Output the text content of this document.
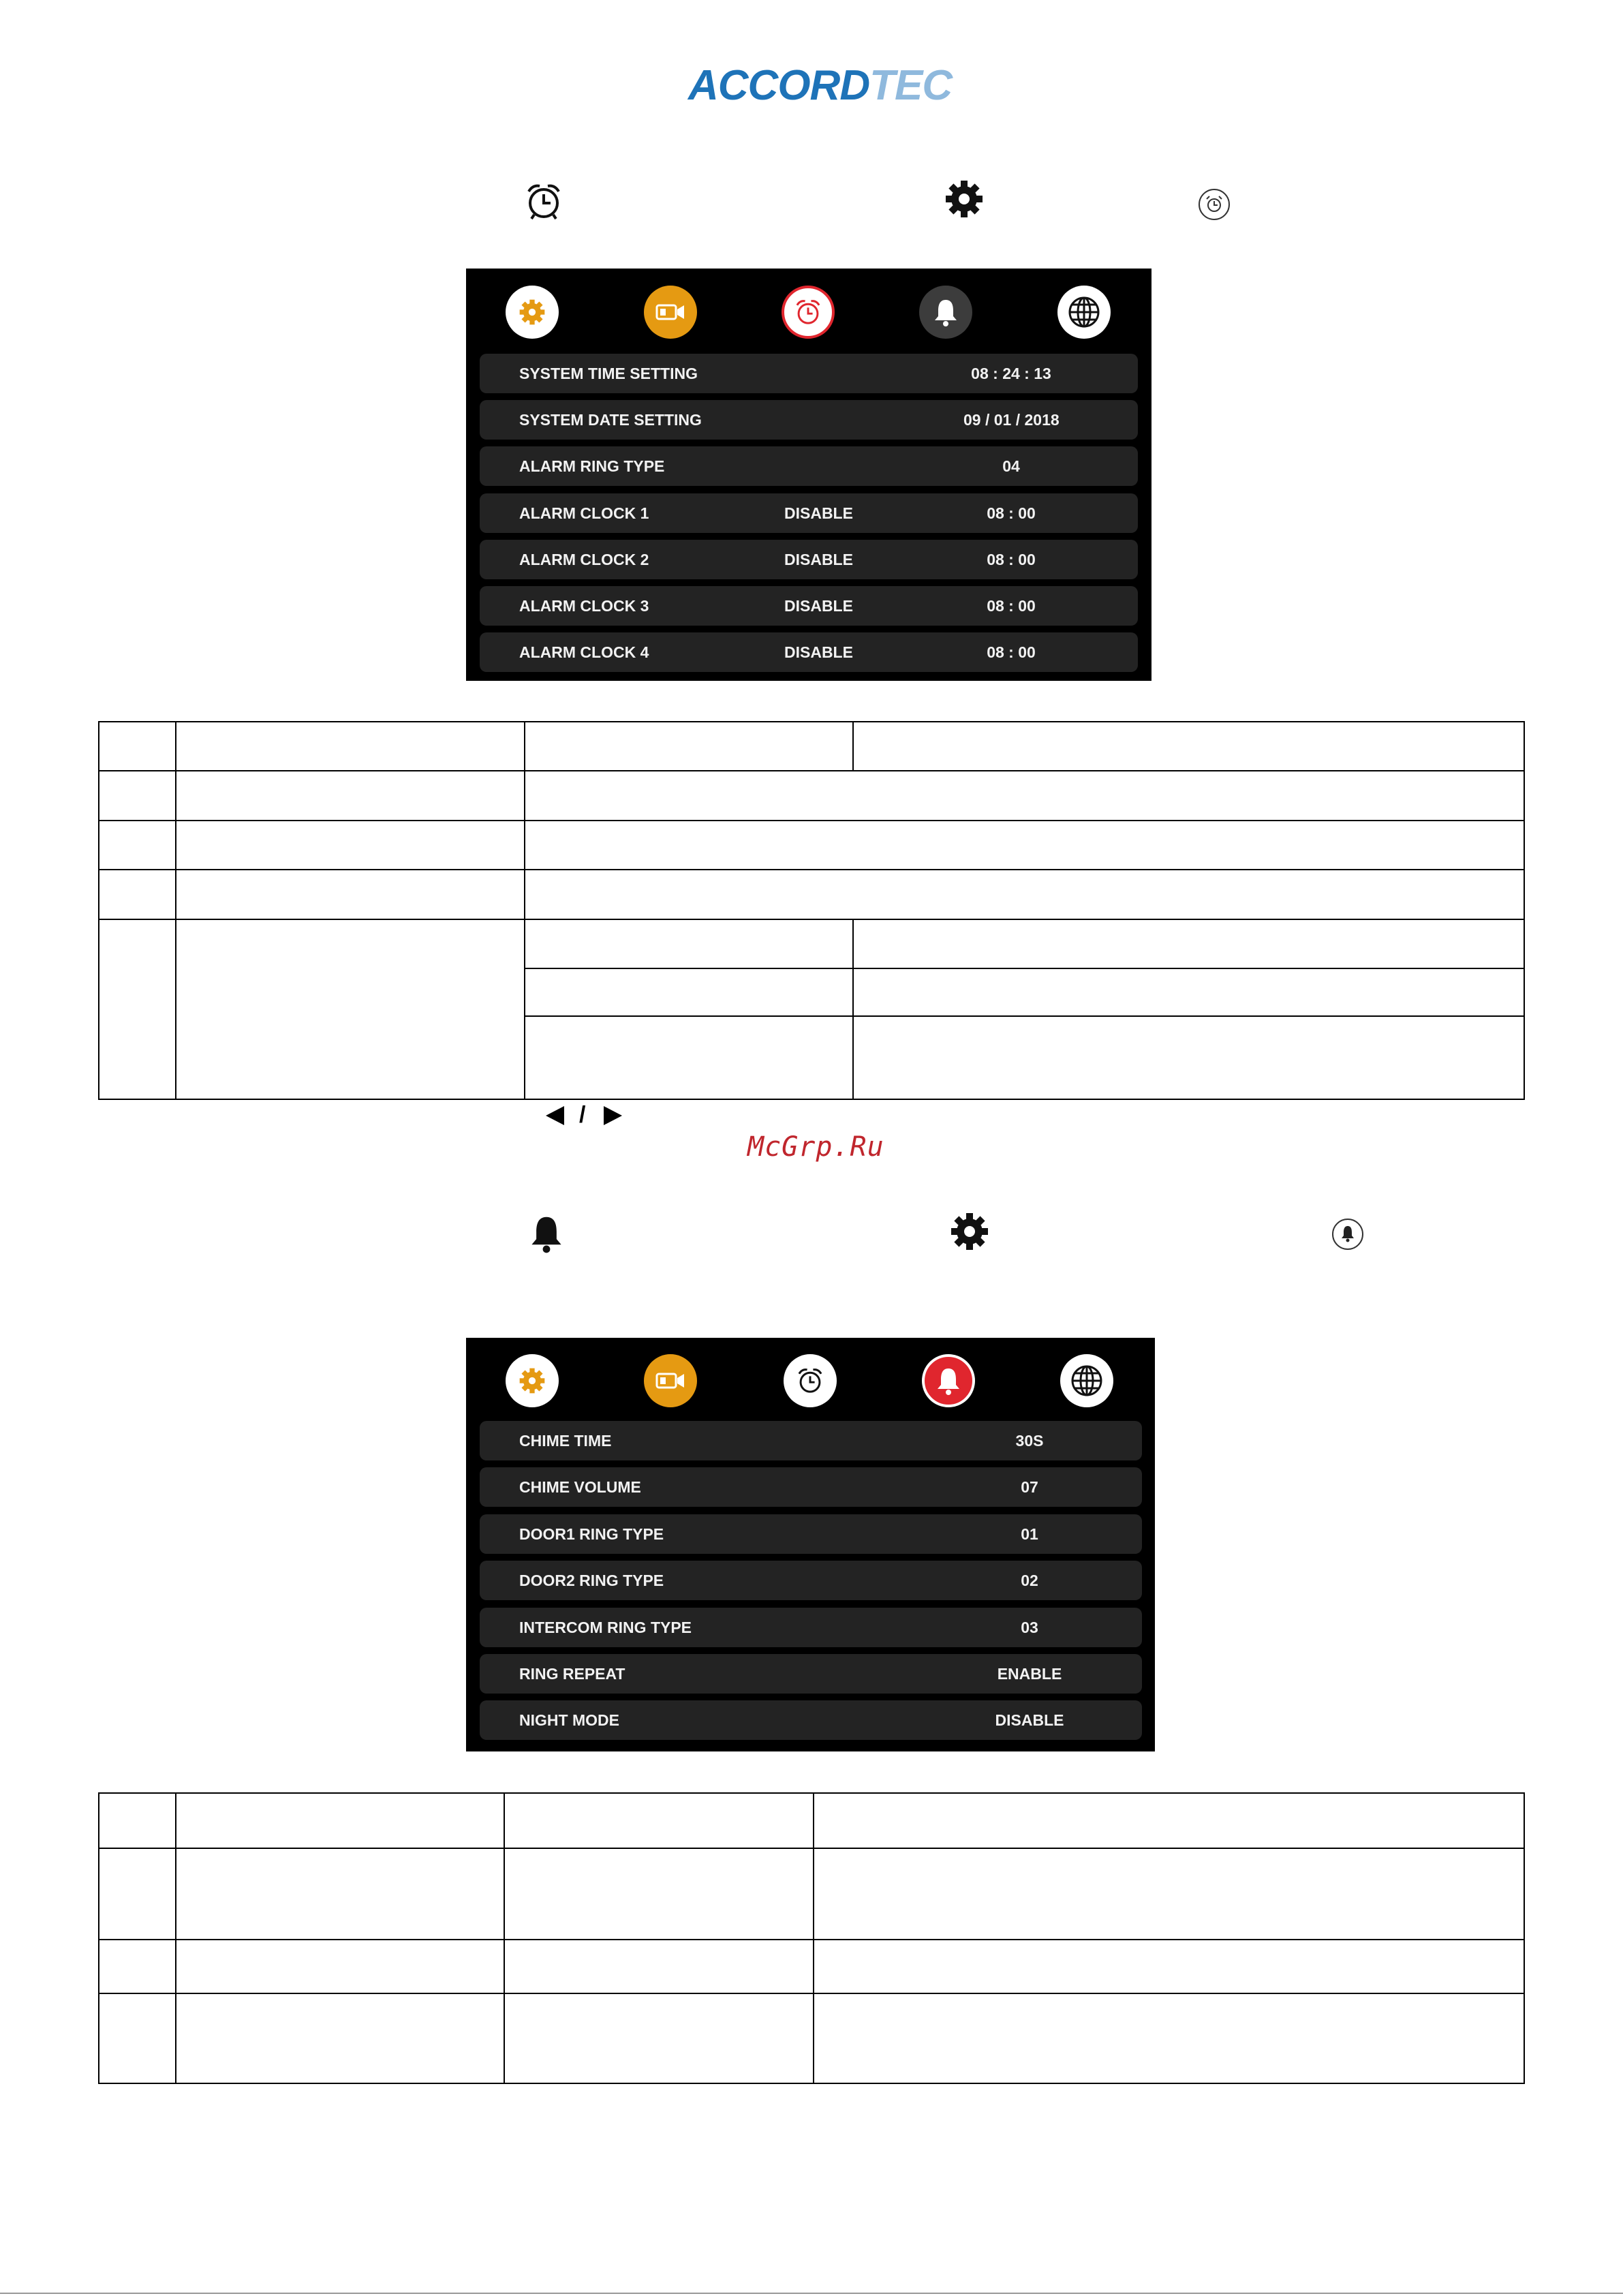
ACCORDTEC
SYSTEM TIME SETTING	08 : 24 : 13
SYSTEM DATE SETTING	09 / 01 / 2018
ALARM RING TYPE	04
ALARM CLOCK 1	DISABLE	08 : 00
ALARM CLOCK 2	DISABLE	08 : 00
ALARM CLOCK 3	DISABLE	08 : 00
ALARM CLOCK 4	DISABLE	08 : 00
/
McGrp.Ru
CHIME TIME	30S
CHIME VOLUME	07
DOOR1 RING TYPE	01
DOOR2 RING TYPE	02
INTERCOM RING TYPE	03
RING REPEAT	ENABLE
NIGHT MODE	DISABLE
